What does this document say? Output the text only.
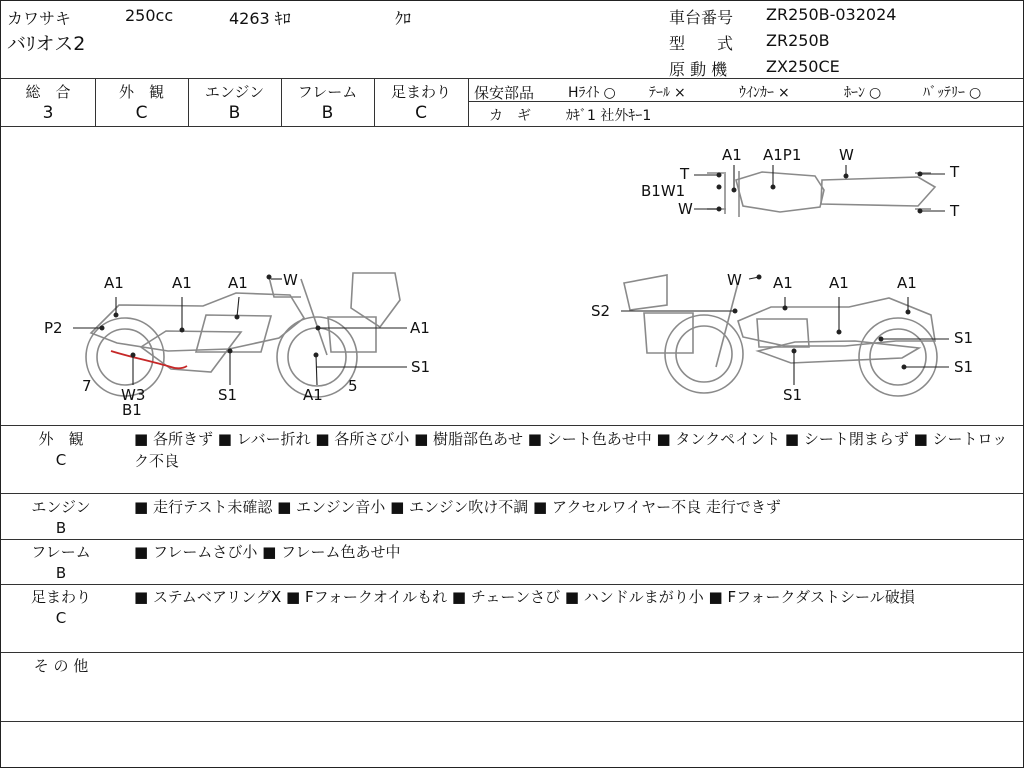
カワサキ	250cc	4263 ｷﾛ	ｸﾛ
バﾘオス2
車台番号 ZR250B-032024
型　　式 ZR250B
原 動 機 ZX250CE
総　合
3
外　観
C
エンジン
B
フレーム
B
足まわり
C
保安部品 Hﾗｲﾄ ○ ﾃｰﾙ ×	ｳｲﾝｶｰ ×	ﾎｰﾝ ○	ﾊﾞｯﾃﾘｰ ○
カ　ギ	ｶｷﾞ1 社外ｷｰ1
A1	A1 A1 W
P2	A1
7 W3
B1
S1	A1 5
S1
W A1 A1	A1
S2
S1
S1
S1
A1 A1P1	W
T	T
B1W1
W	T
外　観
C
■ 各所きず ■ レバー折れ ■ 各所さび小 ■ 樹脂部色あせ ■ シート色あせ中 ■ タンクペイント ■ シート閉まらず ■ シートロック不良
エンジン
B
■ 走行テスト未確認 ■ エンジン音小 ■ エンジン吹け不調 ■ アクセルワイヤー不良 走行できず
フレーム
B
■ フレームさび小 ■ フレーム色あせ中
足まわり
C
■ ステムベアリングX ■ Fフォークオイルもれ ■ チェーンさび ■ ハンドルまがり小 ■ Fフォークダストシール破損
そ の 他
